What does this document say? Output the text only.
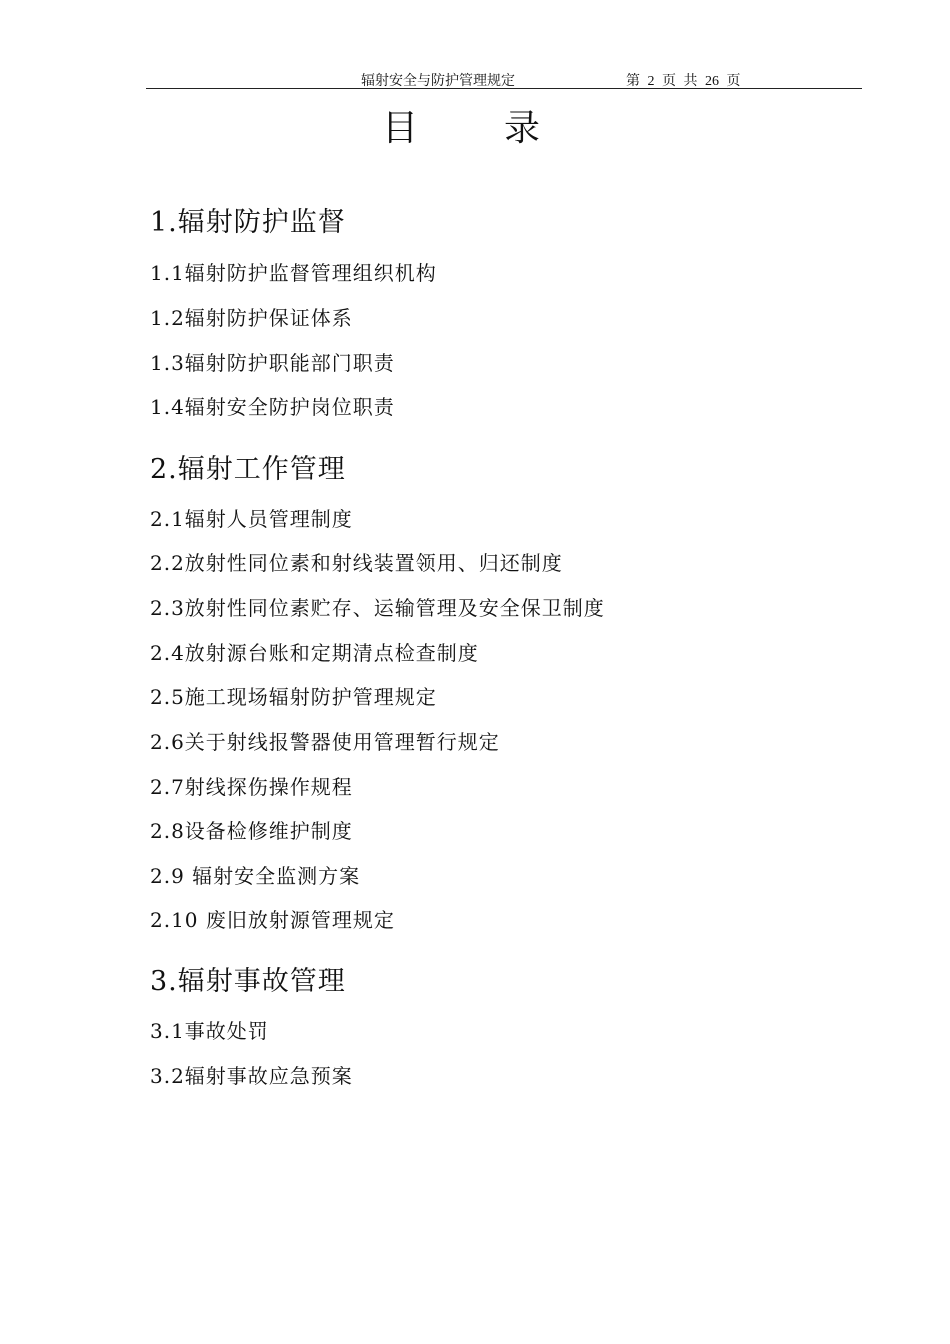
辐射安全与防护管理规定	第 2 页 共 26 页
目录
1.辐射防护监督
1.1辐射防护监督管理组织机构
1.2辐射防护保证体系
1.3辐射防护职能部门职责
1.4辐射安全防护岗位职责
2.辐射工作管理
2.1辐射人员管理制度
2.2放射性同位素和射线装置领用、归还制度
2.3放射性同位素贮存、运输管理及安全保卫制度
2.4放射源台账和定期清点检查制度
2.5施工现场辐射防护管理规定
2.6关于射线报警器使用管理暂行规定
2.7射线探伤操作规程
2.8设备检修维护制度
2.9 辐射安全监测方案
2.10 废旧放射源管理规定
3.辐射事故管理
3.1事故处罚
3.2辐射事故应急预案
